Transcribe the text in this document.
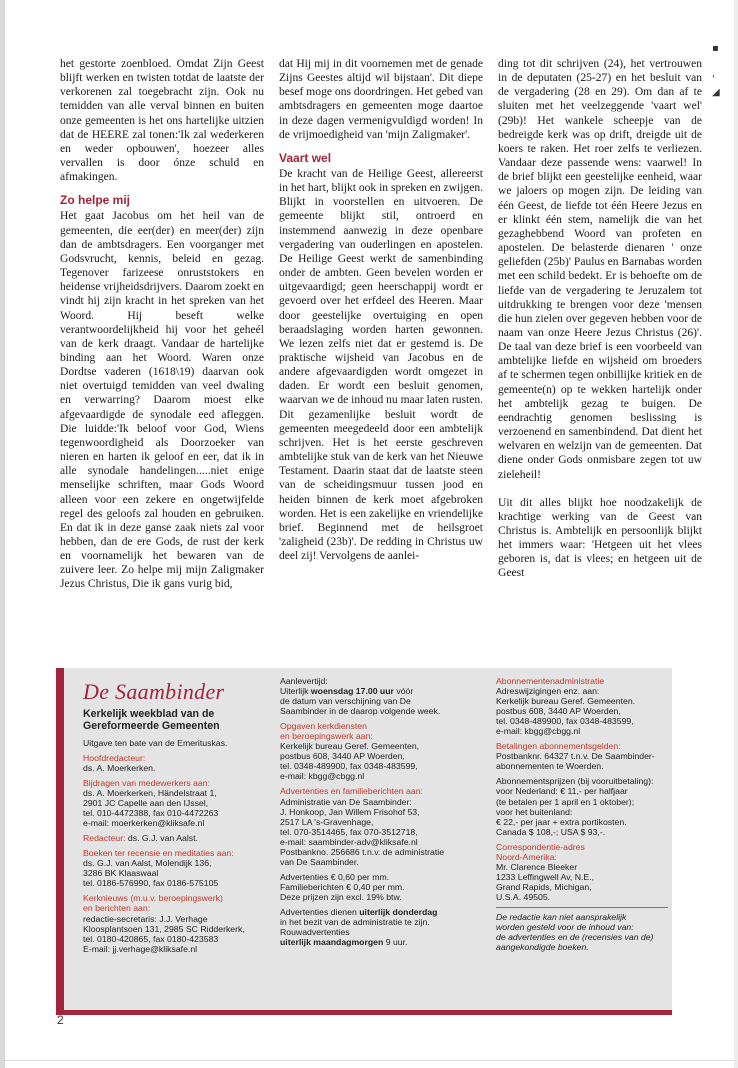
▪
'
◢

het gestorte zoenbloed. Omdat Zijn Geest blijft werken en twisten totdat de laatste der verkorenen zal toegebracht zijn. Ook nu temidden van alle verval binnen en buiten onze gemeenten is het ons hartelijke uitzien dat de HEERE zal tonen:'Ik zal wederkeren en weder opbouwen', hoezeer alles vervallen is door ónze schuld en afmakingen.

Zo helpe mij

Het gaat Jacobus om het heil van de gemeenten, die eer(der) en meer(der) zijn dan de ambtsdragers. Een voorganger met Godsvrucht, kennis, beleid en gezag. Tegenover farizeese onruststokers en heidense vrijheidsdrijvers. Daarom zoekt en vindt hij zijn kracht in het spreken van het Woord. Hij beseft welke verantwoordelijkheid hij voor het geheél van de kerk draagt. Vandaar de hartelijke binding aan het Woord. Waren onze Dordtse vaderen (1618\19) daarvan ook niet overtuigd temidden van veel dwaling en verwarring? Daarom moest elke afgevaardigde de synodale eed afleggen. Die luidde:'Ik beloof voor God, Wiens tegenwoordigheid als Doorzoeker van nieren en harten ik geloof en eer, dat ik in alle synodale handelingen.....niet enige menselijke schriften, maar Gods Woord alleen voor een zekere en ongetwijfelde regel des geloofs zal houden en gebruiken. En dat ik in deze ganse zaak niets zal voor hebben, dan de ere Gods, de rust der kerk en voornamelijk het bewaren van de zuivere leer. Zo helpe mij mijn Zaligmaker Jezus Christus, Die ik gans vurig bid,

dat Hij mij in dit voornemen met de genade Zijns Geestes altijd wil bijstaan'. Dit diepe besef moge ons doordringen. Het gebed van ambtsdragers en gemeenten moge daartoe in deze dagen vermenigvuldigd worden! In de vrijmoedigheid van 'mijn Zaligmaker'.

Vaart wel

De kracht van de Heilige Geest, allereerst in het hart, blijkt ook in spreken en zwijgen. Blijkt in voorstellen en uitvoeren. De gemeente blijkt stil, ontroerd en instemmend aanwezig in deze openbare vergadering van ouderlingen en apostelen. De Heilige Geest werkt de samenbinding onder de ambten. Geen bevelen worden er uitgevaardigd; geen heerschappij wordt er gevoerd over het erfdeel des Heeren. Maar door geestelijke overtuiging en open beraadslaging worden harten gewonnen. We lezen zelfs niet dat er gestemd is. De praktische wijsheid van Jacobus en de andere afgevaardigden wordt omgezet in daden. Er wordt een besluit genomen, waarvan we de inhoud nu maar laten rusten. Dit gezamenlijke besluit wordt de gemeenten meegedeeld door een ambtelijk schrijven. Het is het eerste geschreven ambtelijke stuk van de kerk van het Nieuwe Testament. Daarin staat dat de laatste steen van de scheidingsmuur tussen jood en heiden binnen de kerk moet afgebroken worden. Het is een zakelijke en vriendelijke brief. Beginnend met de heilsgroet 'zaligheid (23b)'. De redding in Christus uw deel zij! Vervolgens de aanlei-

ding tot dit schrijven (24), het vertrouwen in de deputaten (25-27) en het besluit van de vergadering (28 en 29). Om dan af te sluiten met het veelzeggende 'vaart wel' (29b)! Het wankele scheepje van de bedreigde kerk was op drift, dreigde uit de koers te raken. Het roer zelfs te verliezen. Vandaar deze passende wens: vaarwel! In de brief blijkt een geestelijke eenheid, waar we jaloers op mogen zijn. De leiding van één Geest, de liefde tot één Heere Jezus en er klinkt één stem, namelijk die van het gezaghebbend Woord van profeten en apostelen. De belasterde dienaren ' onze geliefden (25b)' Paulus en Barnabas worden met een schild bedekt. Er is behoefte om de liefde van de vergadering te Jeruzalem tot uitdrukking te brengen voor deze 'mensen die hun zielen over gegeven hebben voor de naam van onze Heere Jezus Christus (26)'. De taal van deze brief is een voorbeeld van ambtelijke liefde en wijsheid om broeders af te schermen tegen onbillijke kritiek en de gemeente(n) op te wekken hartelijk onder het ambtelijk gezag te buigen. De eendrachtig genomen beslissing is verzoenend en samenbindend. Dat dient het welvaren en welzijn van de gemeenten. Dat diene onder Gods onmisbare zegen tot uw zieleheil!

Uit dit alles blijkt hoe noodzakelijk de krachtige werking van de Geest van Christus is. Ambtelijk en persoonlijk blijkt het immers waar: 'Hetgeen uit het vlees geboren is, dat is vlees; en hetgeen uit de Geest

De Saambinder

Kerkelijk weekblad van de

Gereformeerde Gemeenten

Uitgave ten bate van de Emerituskas.

Hoofdredacteur:

ds. A. Moerkerken.

Bijdragen van medewerkers aan:

ds. A. Moerkerken, Händelstraat 1,

2901 JC Capelle aan den IJssel,

tel. 010-4472388, fax 010-4472263

e-mail: moerkerken@kliksafe.nl

Redacteur: ds. G.J. van Aalst.

Boeken ter recensie en meditaties aan:

ds. G.J. van Aalst, Molendijk 136,

3286 BK Klaaswaal

tel. 0186-576990, fax 0186-575105

Kerknieuws (m.u.v. beroepingswerk)

en berichten aan:

redactie-secretaris: J.J. Verhage

Kloosplantsoen 131, 2985 SC Ridderkerk,

tel. 0180-420865, fax 0180-423583

E-mail: jj.verhage@kliksafe.nl

Aanlevertijd:

Uiterlijk woensdag 17.00 uur vóór

de datum van verschijning van De

Saambinder in de daarop volgende week.

Opgaven kerkdiensten

en beroepingswerk aan:

Kerkelijk bureau Geref. Gemeenten,

postbus 608, 3440 AP Woerden,

tel. 0348-489900, fax 0348-483599,

e-mail: kbgg@cbgg.nl

Advertenties en familieberichten aan:

Administratie van De Saambinder:

J. Honkoop, Jan Willem Frisohof 53,

2517 LA 's-Gravenhage,

tel. 070-3514465, fax 070-3512718,

e-mail: saambinder-adv@kliksafe.nl

Postbankno. 256686 t.n.v. de administratie

van De Saambinder.

Advertenties € 0,60 per mm.

Familieberichten € 0,40 per mm.

Deze prijzen zijn excl. 19% btw.

Advertenties dienen uiterlijk donderdag

in het bezit van de administratie te zijn.

Rouwadvertenties

uiterlijk maandagmorgen 9 uur.

Abonnementenadministratie

Adreswijzigingen enz. aan:

Kerkelijk bureau Geref. Gemeenten.

postbus 608, 3440 AP Woerden,

tel. 0348-489900, fax 0348-483599,

e-mail: kbgg@cbgg.nl

Betalingen abonnementsgelden:

Postbanknr. 64327 t.n.v. De Saambinder-

abonnementen te Woerden.

Abonnementsprijzen (bij vooruitbetaling):

voor Nederland: € 11,- per halfjaar

(te betalen per 1 april en 1 oktober);

voor het buitenland:

€ 22,- per jaar + extra portikosten.

Canada $ 108,-; USA $ 93,-.

Correspondentie-adres

Noord-Amerika:

Mr. Clarence Bleeker

1233 Leffingwell Av, N.E.,

Grand Rapids, Michigan,

U.S.A. 49505.

De redactie kan niet aansprakelijk

worden gesteld voor de inhoud van:

de advertenties en de (recensies van de)

aangekondigde boeken.

2
